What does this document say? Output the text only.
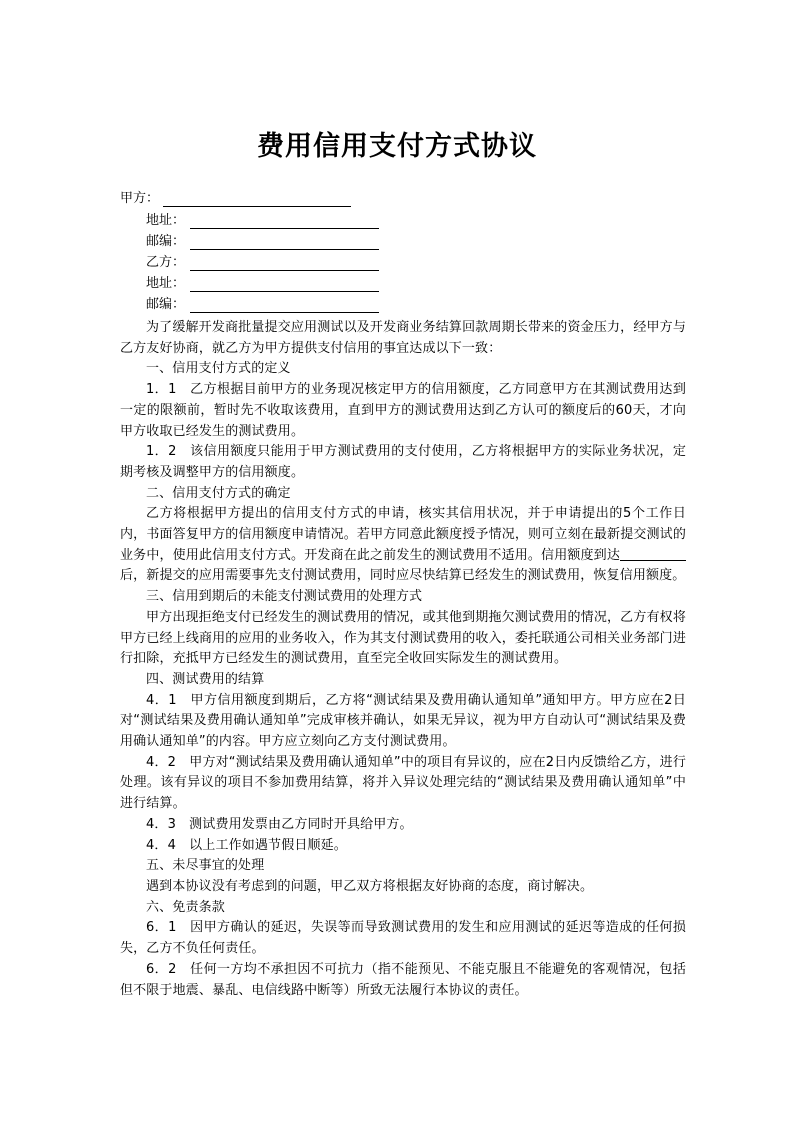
费用信用支付方式协议
甲方：
地址：
邮编：
乙方：
地址：
邮编：

为了缓解开发商批量提交应用测试以及开发商业务结算回款周期长带来的资金压力，经甲方与乙方友好协商，就乙方为甲方提供支付信用的事宜达成以下一致：

一、信用支付方式的定义

1．1　乙方根据目前甲方的业务现况核定甲方的信用额度，乙方同意甲方在其测试费用达到一定的限额前，暂时先不收取该费用，直到甲方的测试费用达到乙方认可的额度后的60天，才向甲方收取已经发生的测试费用。

1．2　该信用额度只能用于甲方测试费用的支付使用，乙方将根据甲方的实际业务状况，定期考核及调整甲方的信用额度。

二、信用支付方式的确定

乙方将根据甲方提出的信用支付方式的申请，核实其信用状况，并于申请提出的5个工作日内，书面答复甲方的信用额度申请情况。若甲方同意此额度授予情况，则可立刻在最新提交测试的业务中，使用此信用支付方式。开发商在此之前发生的测试费用不适用。信用额度到达后，新提交的应用需要事先支付测试费用，同时应尽快结算已经发生的测试费用，恢复信用额度。

三、信用到期后的未能支付测试费用的处理方式

甲方出现拒绝支付已经发生的测试费用的情况，或其他到期拖欠测试费用的情况，乙方有权将甲方已经上线商用的应用的业务收入，作为其支付测试费用的收入，委托联通公司相关业务部门进行扣除，充抵甲方已经发生的测试费用，直至完全收回实际发生的测试费用。

四、测试费用的结算

4．1　甲方信用额度到期后，乙方将“测试结果及费用确认通知单”通知甲方。甲方应在2日对“测试结果及费用确认通知单”完成审核并确认，如果无异议，视为甲方自动认可“测试结果及费用确认通知单”的内容。甲方应立刻向乙方支付测试费用。

4．2　甲方对“测试结果及费用确认通知单”中的项目有异议的，应在2日内反馈给乙方，进行处理。该有异议的项目不参加费用结算，将并入异议处理完结的“测试结果及费用确认通知单”中进行结算。

4．3　测试费用发票由乙方同时开具给甲方。

4．4　以上工作如遇节假日顺延。

五、未尽事宜的处理

遇到本协议没有考虑到的问题，甲乙双方将根据友好协商的态度，商讨解决。

六、免责条款

6．1　因甲方确认的延迟，失误等而导致测试费用的发生和应用测试的延迟等造成的任何损失，乙方不负任何责任。

6．2　任何一方均不承担因不可抗力（指不能预见、不能克服且不能避免的客观情况，包括但不限于地震、暴乱、电信线路中断等）所致无法履行本协议的责任。
